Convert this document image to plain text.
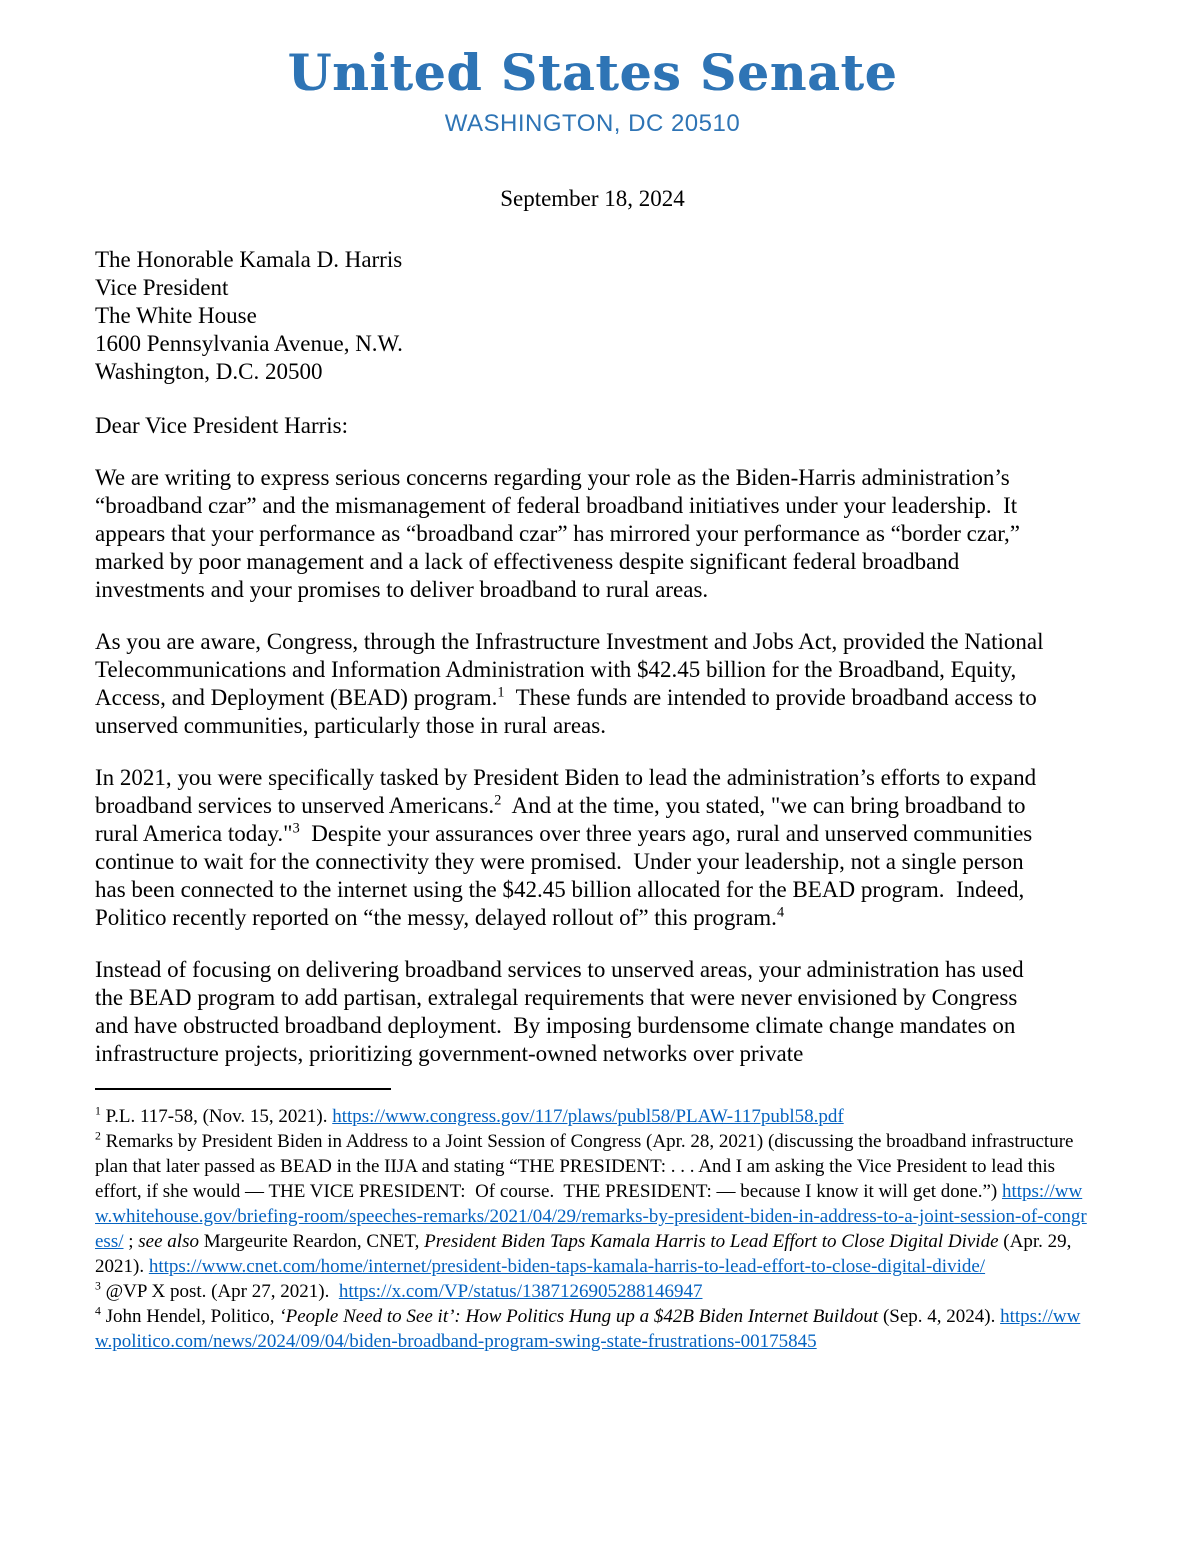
United States Senate
WASHINGTON, DC 20510
September 18, 2024
The Honorable Kamala D. Harris
Vice President
The White House
1600 Pennsylvania Avenue, N.W.
Washington, D.C. 20500
Dear Vice President Harris:
We are writing to express serious concerns regarding your role as the Biden-Harris administration’s “broadband czar” and the mismanagement of federal broadband initiatives under your leadership.  It appears that your performance as “broadband czar” has mirrored your performance as “border czar,” marked by poor management and a lack of effectiveness despite significant federal broadband investments and your promises to deliver broadband to rural areas.
As you are aware, Congress, through the Infrastructure Investment and Jobs Act, provided the National Telecommunications and Information Administration with $42.45 billion for the Broadband, Equity, Access, and Deployment (BEAD) program.$^1$  These funds are intended to provide broadband access to unserved communities, particularly those in rural areas.
In 2021, you were specifically tasked by President Biden to lead the administration’s efforts to expand broadband services to unserved Americans.$^2$  And at the time, you stated, "we can bring broadband to rural America today."$^3$  Despite your assurances over three years ago, rural and unserved communities continue to wait for the connectivity they were promised.  Under your leadership, not a single person has been connected to the internet using the $42.45 billion allocated for the BEAD program.  Indeed, Politico recently reported on “the messy, delayed rollout of” this program.$^4$
Instead of focusing on delivering broadband services to unserved areas, your administration has used the BEAD program to add partisan, extralegal requirements that were never envisioned by Congress and have obstructed broadband deployment.  By imposing burdensome climate change mandates on infrastructure projects, prioritizing government-owned networks over private
$^1$ P.L. 117-58, (Nov. 15, 2021). https://www.congress.gov/117/plaws/publ58/PLAW-117publ58.pdf
$^2$ Remarks by President Biden in Address to a Joint Session of Congress (Apr. 28, 2021) (discussing the broadband infrastructure plan that later passed as BEAD in the IIJA and stating “THE PRESIDENT: . . . And I am asking the Vice President to lead this effort, if she would — THE VICE PRESIDENT:  Of course.  THE PRESIDENT: — because I know it will get done.”) https://www.whitehouse.gov/briefing-room/speeches-remarks/2021/04/29/remarks-by-president-biden-in-address-to-a-joint-session-of-congress/ ; see also Margeurite Reardon, CNET, President Biden Taps Kamala Harris to Lead Effort to Close Digital Divide (Apr. 29, 2021). https://www.cnet.com/home/internet/president-biden-taps-kamala-harris-to-lead-effort-to-close-digital-divide/
$^3$ @VP X post. (Apr 27, 2021).  https://x.com/VP/status/1387126905288146947
$^4$ John Hendel, Politico, ‘People Need to See it’: How Politics Hung up a $42B Biden Internet Buildout (Sep. 4, 2024). https://www.politico.com/news/2024/09/04/biden-broadband-program-swing-state-frustrations-00175845
